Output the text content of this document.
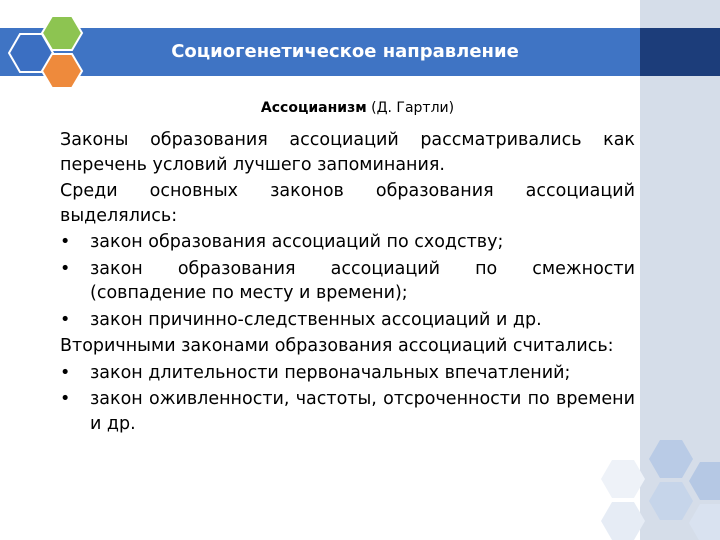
Социогенетическое направление
Ассоцианизм (Д. Гартли)

Законы образования ассоциаций рассматривались как перечень условий лучшего запоминания.

Среди основных законов образования ассоциаций выделялись:

• закон образования ассоциаций по сходству;
• закон образования ассоциаций по смежности (совпадение по месту и времени);
• закон причинно-следственных ассоциаций и др.

Вторичными законами образования ассоциаций считались:

• закон длительности первоначальных впечатлений;
• закон оживленности, частоты, отсроченности по времени и др.
